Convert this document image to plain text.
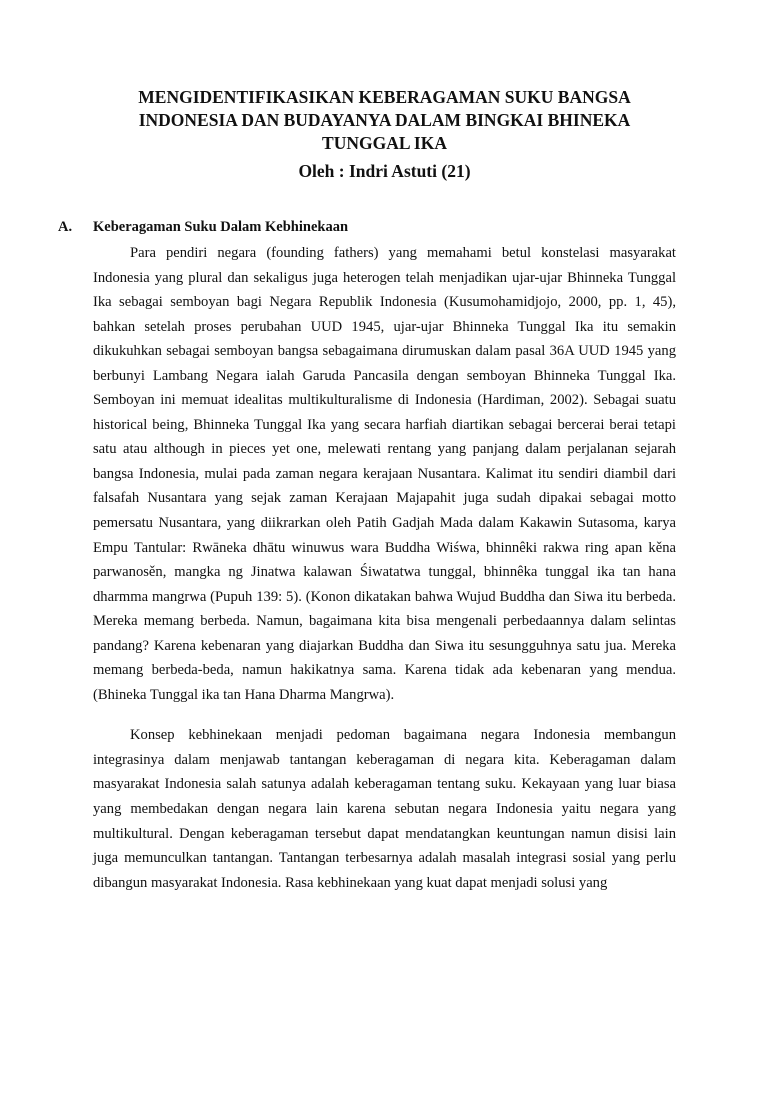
MENGIDENTIFIKASIKAN KEBERAGAMAN SUKU BANGSA
INDONESIA DAN BUDAYANYA DALAM BINGKAI BHINEKA
TUNGGAL IKA
Oleh : Indri Astuti (21)
A. Keberagaman Suku Dalam Kebhinekaan

Para pendiri negara (founding fathers) yang memahami betul konstelasi masyarakat Indonesia yang plural dan sekaligus juga heterogen telah menjadikan ujar-ujar Bhinneka Tunggal Ika sebagai semboyan bagi Negara Republik Indonesia (Kusumohamidjojo, 2000, pp. 1, 45), bahkan setelah proses perubahan UUD 1945, ujar-ujar Bhinneka Tunggal Ika itu semakin dikukuhkan sebagai semboyan bangsa sebagaimana dirumuskan dalam pasal 36A UUD 1945 yang berbunyi Lambang Negara ialah Garuda Pancasila dengan semboyan Bhinneka Tunggal Ika. Semboyan ini memuat idealitas multikulturalisme di Indonesia (Hardiman, 2002). Sebagai suatu historical being, Bhinneka Tunggal Ika yang secara harfiah diartikan sebagai bercerai berai tetapi satu atau although in pieces yet one, melewati rentang yang panjang dalam perjalanan sejarah bangsa Indonesia, mulai pada zaman negara kerajaan Nusantara. Kalimat itu sendiri diambil dari falsafah Nusantara yang sejak zaman Kerajaan Majapahit juga sudah dipakai sebagai motto pemersatu Nusantara, yang diikrarkan oleh Patih Gadjah Mada dalam Kakawin Sutasoma, karya Empu Tantular: Rwāneka dhātu winuwus wara Buddha Wiśwa, bhinnêki rakwa ring apan kěna parwanosěn, mangka ng Jinatwa kalawan Śiwatatwa tunggal, bhinnêka tunggal ika tan hana dharmma mangrwa (Pupuh 139: 5). (Konon dikatakan bahwa Wujud Buddha dan Siwa itu berbeda. Mereka memang berbeda. Namun, bagaimana kita bisa mengenali perbedaannya dalam selintas pandang? Karena kebenaran yang diajarkan Buddha dan Siwa itu sesungguhnya satu jua. Mereka memang berbeda-beda, namun hakikatnya sama. Karena tidak ada kebenaran yang mendua. (Bhineka Tunggal ika tan Hana Dharma Mangrwa).

Konsep kebhinekaan menjadi pedoman bagaimana negara Indonesia membangun integrasinya dalam menjawab tantangan keberagaman di negara kita. Keberagaman dalam masyarakat Indonesia salah satunya adalah keberagaman tentang suku. Kekayaan yang luar biasa yang membedakan dengan negara lain karena sebutan negara Indonesia yaitu negara yang multikultural. Dengan keberagaman tersebut dapat mendatangkan keuntungan namun disisi lain juga memunculkan tantangan. Tantangan terbesarnya adalah masalah integrasi sosial yang perlu dibangun masyarakat Indonesia. Rasa kebhinekaan yang kuat dapat menjadi solusi yang
